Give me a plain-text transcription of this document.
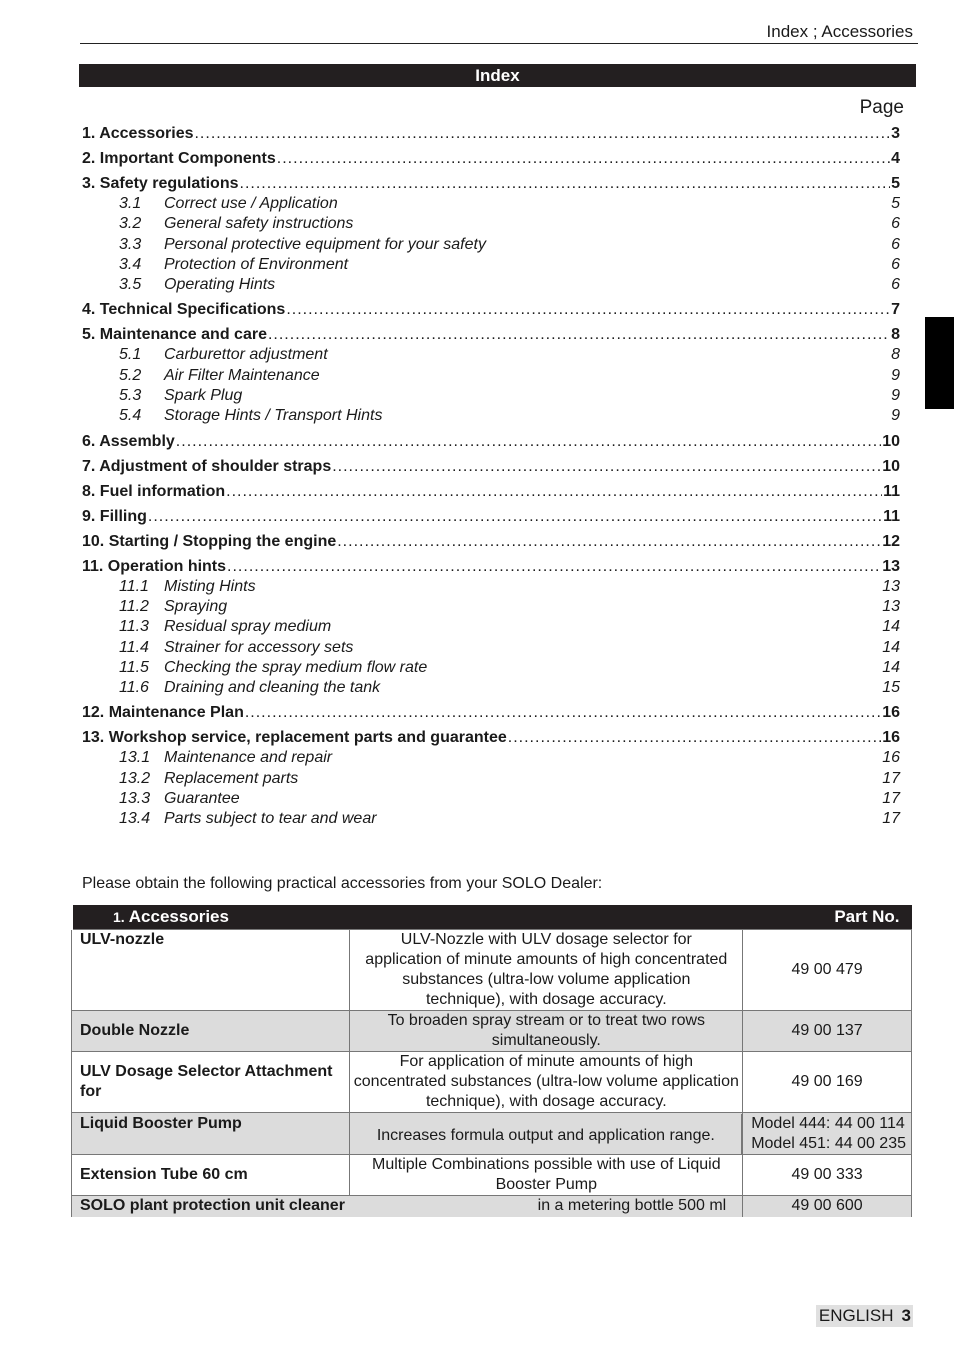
Index ; Accessories
Index
Page
1. Accessories .....	3
2. Important Components .....	4
3. Safety regulations .....	5
3.1	Correct use / Application	5
3.2	General safety instructions	6
3.3	Personal protective equipment for your safety	6
3.4	Protection of Environment	6
3.5	Operating Hints	6
4. Technical Specifications .....	7
5. Maintenance and care .....	8
5.1	Carburettor adjustment	8
5.2	Air Filter Maintenance	9
5.3	Spark Plug	9
5.4	Storage Hints / Transport Hints	9
6. Assembly .....	10
7. Adjustment of shoulder straps .....	10
8. Fuel information .....	11
9. Filling .....	11
10. Starting / Stopping the engine .....	12
11. Operation hints .....	13
11.1 Misting Hints	13
11.2 Spraying	13
11.3 Residual spray medium	14
11.4 Strainer for accessory sets	14
11.5 Checking the spray medium flow rate	14
11.6 Draining and cleaning the tank	15
12. Maintenance Plan .....	16
13. Workshop service, replacement parts and guarantee .....	16
13.1 Maintenance and repair	16
13.2 Replacement parts	17
13.3 Guarantee	17
13.4 Parts subject to tear and wear	17
Please obtain the following practical accessories from your SOLO Dealer:
1. Accessories		Part No.
ULV-nozzle	ULV-Nozzle with ULV dosage selector for application of minute amounts of high concentrated substances (ultra-low volume application technique), with dosage accuracy.	49 00 479
Double Nozzle	To broaden spray stream or to treat two rows simultaneously.	49 00 137
ULV Dosage Selector Attachment for	For application of minute amounts of high concentrated substances (ultra-low volume application technique), with dosage accuracy.	49 00 169
Liquid Booster Pump	Increases formula output and application range.	Model 444: 44 00 114
Model 451: 44 00 235

Extension Tube 60 cm	Multiple Combinations possible with use of Liquid Booster Pump	49 00 333
SOLO plant protection unit cleaner	in a metering bottle 500 ml	49 00 600
ENGLISH 3
